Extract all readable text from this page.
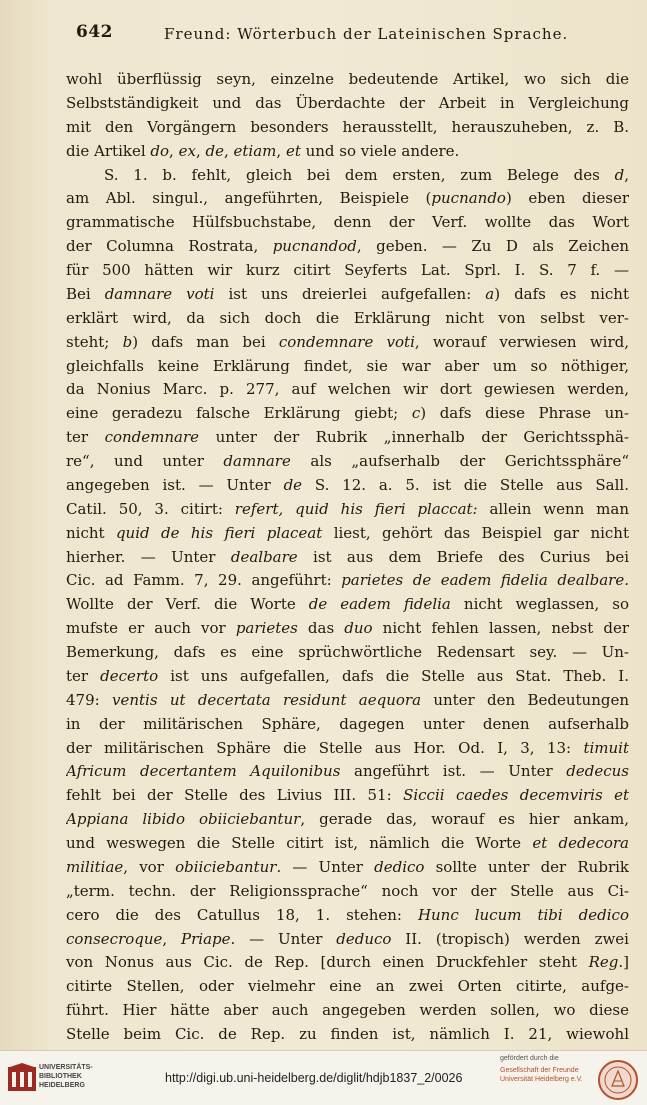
642	Freund: Wörterbuch der Lateinischen Sprache.
wohl überflüssig seyn, einzelne bedeutende Artikel, wo sich die
Selbstständigkeit und das Überdachte der Arbeit in Vergleichung
mit den Vorgängern besonders herausstellt, herauszuheben, z. B.
die Artikel do, ex, de, etiam, et und so viele andere.
S. 1. b. fehlt, gleich bei dem ersten, zum Belege des d,
am Abl. singul., angeführten, Beispiele (pucnando) eben dieser
grammatische Hülfsbuchstabe, denn der Verf. wollte das Wort
der Columna Rostrata, pucnandod, geben. — Zu D als Zeichen
für 500 hätten wir kurz citirt Seyferts Lat. Sprl. I. S. 7 f. —
Bei damnare voti ist uns dreierlei aufgefallen: a) dafs es nicht
erklärt wird, da sich doch die Erklärung nicht von selbst ver-
steht; b) dafs man bei condemnare voti, worauf verwiesen wird,
gleichfalls keine Erklärung findet, sie war aber um so nöthiger,
da Nonius Marc. p. 277, auf welchen wir dort gewiesen werden,
eine geradezu falsche Erklärung giebt; c) dafs diese Phrase un-
ter condemnare unter der Rubrik „innerhalb der Gerichtssphä-
re“, und unter damnare als „aufserhalb der Gerichtssphäre“
angegeben ist. — Unter de S. 12. a. 5. ist die Stelle aus Sall.
Catil. 50, 3. citirt: refert, quid his fieri placcat: allein wenn man
nicht quid de his fieri placeat liest, gehört das Beispiel gar nicht
hierher. — Unter dealbare ist aus dem Briefe des Curius bei
Cic. ad Famm. 7, 29. angeführt: parietes de eadem fidelia dealbare.
Wollte der Verf. die Worte de eadem fidelia nicht weglassen, so
mufste er auch vor parietes das duo nicht fehlen lassen, nebst der
Bemerkung, dafs es eine sprüchwörtliche Redensart sey. — Un-
ter decerto ist uns aufgefallen, dafs die Stelle aus Stat. Theb. I.
479: ventis ut decertata residunt aequora unter den Bedeutungen
in der militärischen Sphäre, dagegen unter denen aufserhalb
der militärischen Sphäre die Stelle aus Hor. Od. I, 3, 13: timuit
Africum decertantem Aquilonibus angeführt ist. — Unter dedecus
fehlt bei der Stelle des Livius III. 51: Siccii caedes decemviris et
Appiana libido obiiciebantur, gerade das, worauf es hier ankam,
und weswegen die Stelle citirt ist, nämlich die Worte et dedecora
militiae, vor obiiciebantur. — Unter dedico sollte unter der Rubrik
„term. techn. der Religionssprache“ noch vor der Stelle aus Ci-
cero die des Catullus 18, 1. stehen: Hunc lucum tibi dedico
consecroque, Priape. — Unter deduco II. (tropisch) werden zwei
von Nonus aus Cic. de Rep. [durch einen Druckfehler steht Reg.]
citirte Stellen, oder vielmehr eine an zwei Orten citirte, aufge-
führt. Hier hätte aber auch angegeben werden sollen, wo diese
Stelle beim Cic. de Rep. zu finden ist, nämlich I. 21, wiewohl
UNIVERSITÄTS-
BIBLIOTHEK
HEIDELBERG
http://digi.ub.uni-heidelberg.de/diglit/hdjb1837_2/0026
gefördert durch die
Gesellschaft der Freunde
Universität Heidelberg e.V.
